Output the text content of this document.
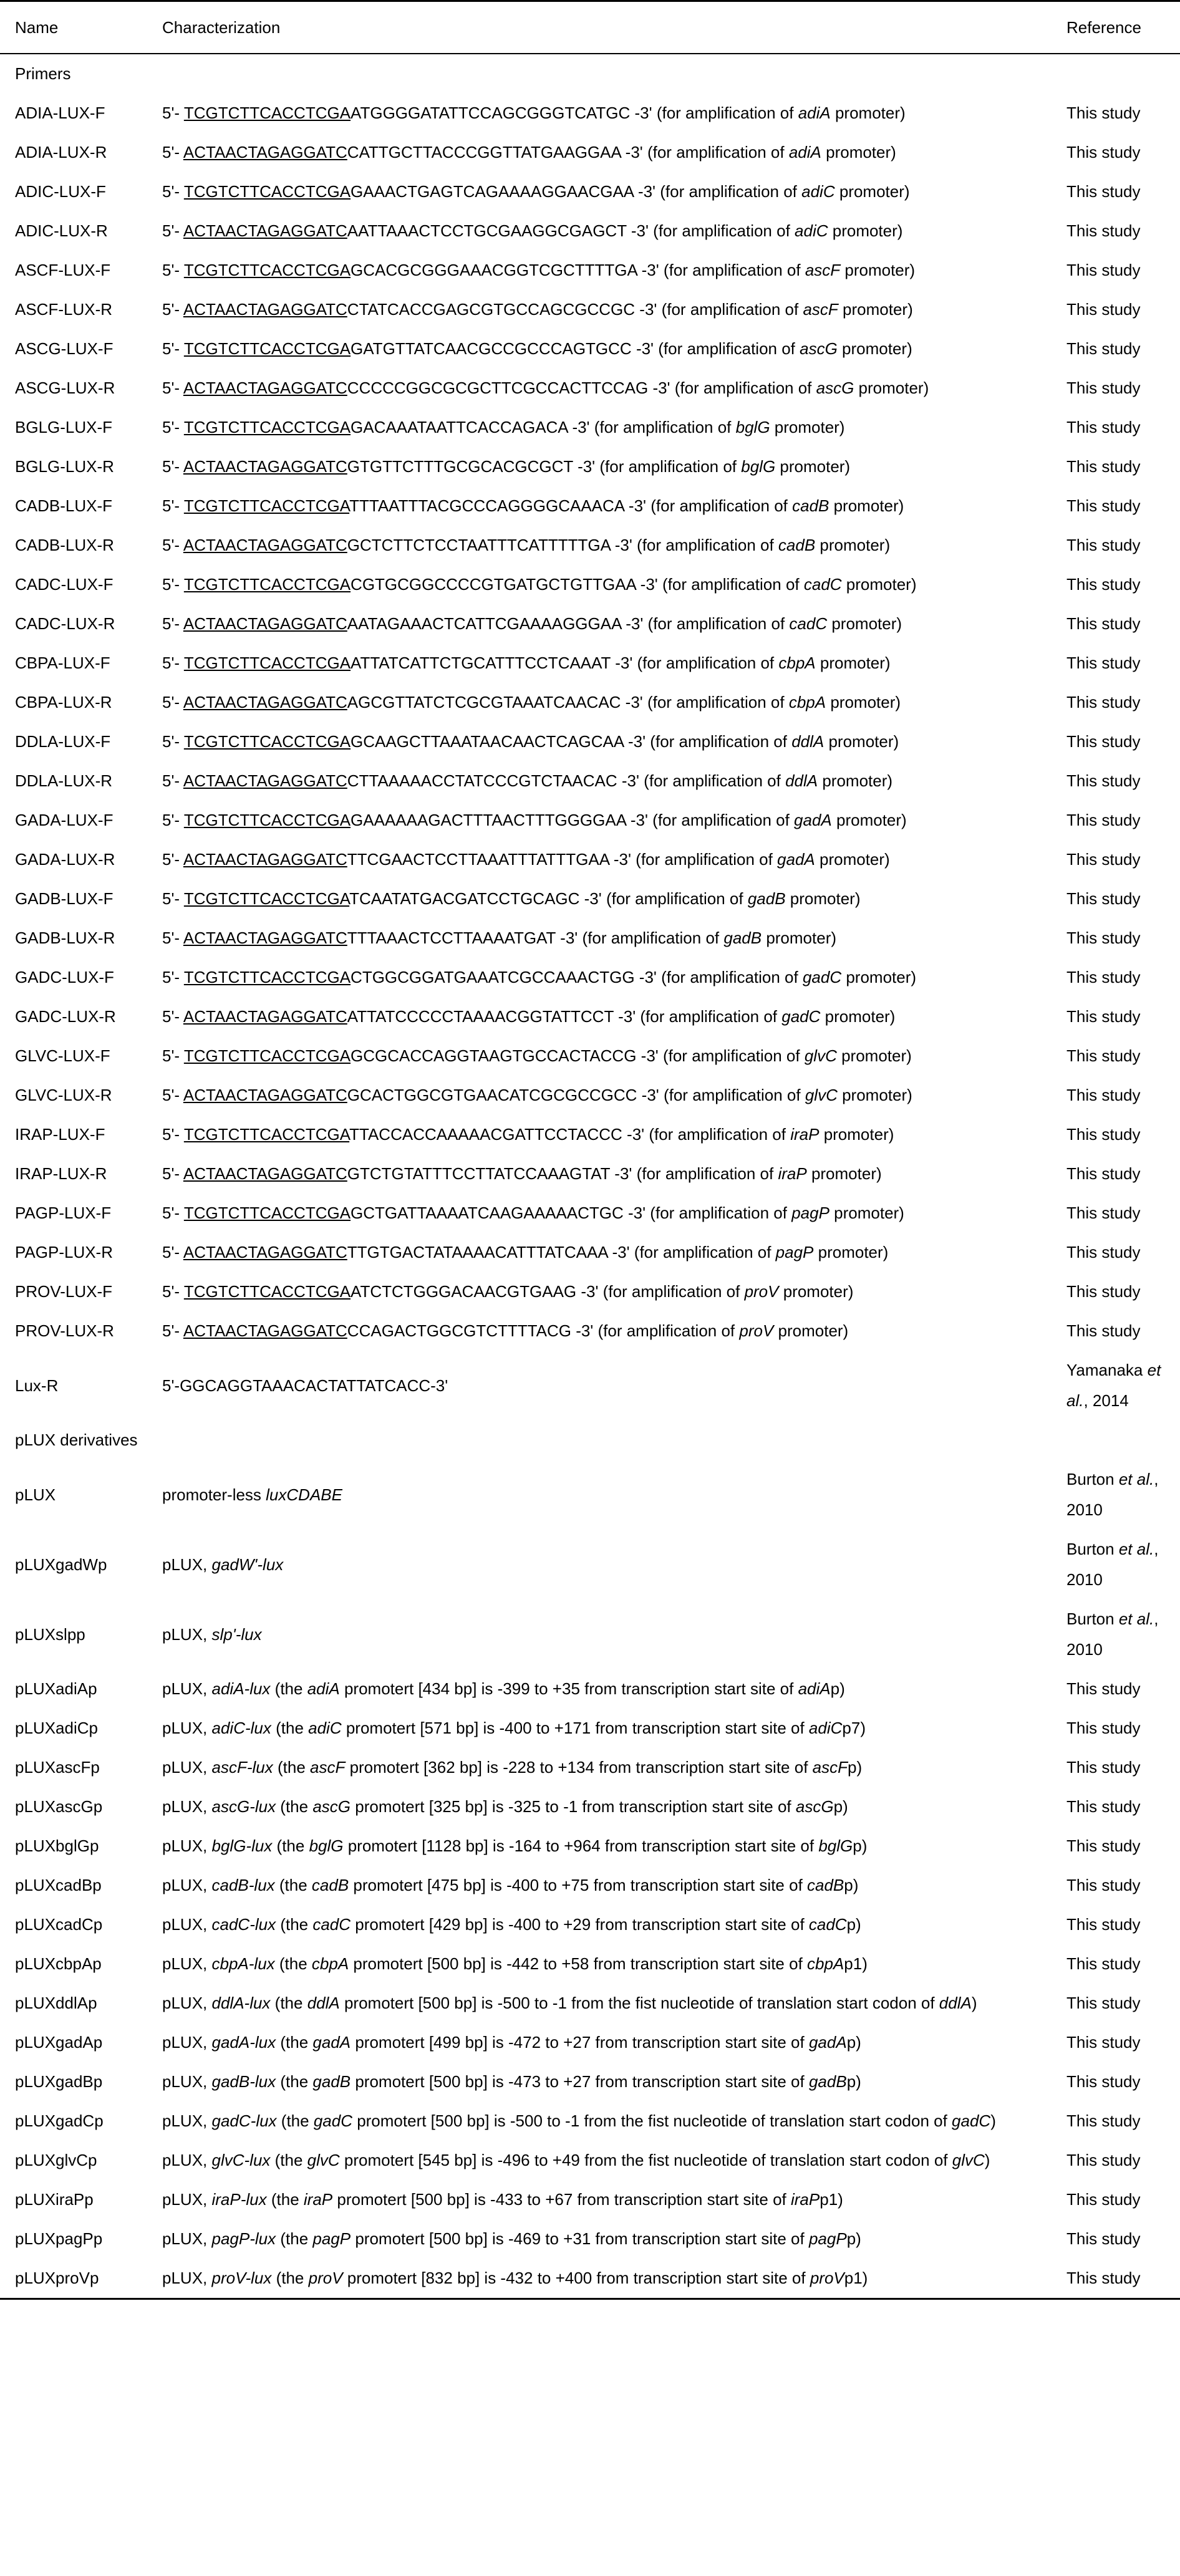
Name	Characterization	Reference
Primers		
ADIA-LUX-F	5'- TCGTCTTCACCTCGAATGGGGATATTCCAGCGGGTCATGC -3' (for amplification of adiA promoter)	This study
ADIA-LUX-R	5'- ACTAACTAGAGGATCCATTGCTTACCCGGTTATGAAGGAA -3' (for amplification of adiA promoter)	This study
ADIC-LUX-F	5'- TCGTCTTCACCTCGAGAAACTGAGTCAGAAAAGGAACGAA -3' (for amplification of adiC promoter)	This study
ADIC-LUX-R	5'- ACTAACTAGAGGATCAATTAAACTCCTGCGAAGGCGAGCT -3' (for amplification of adiC promoter)	This study
ASCF-LUX-F	5'- TCGTCTTCACCTCGAGCACGCGGGAAACGGTCGCTTTTGA -3' (for amplification of ascF promoter)	This study
ASCF-LUX-R	5'- ACTAACTAGAGGATCCTATCACCGAGCGTGCCAGCGCCGC -3' (for amplification of ascF promoter)	This study
ASCG-LUX-F	5'- TCGTCTTCACCTCGAGATGTTATCAACGCCGCCCAGTGCC -3' (for amplification of ascG promoter)	This study
ASCG-LUX-R	5'- ACTAACTAGAGGATCCCCCCGGCGCGCTTCGCCACTTCCAG -3' (for amplification of ascG promoter)	This study
BGLG-LUX-F	5'- TCGTCTTCACCTCGAGACAAATAATTCACCAGACA -3' (for amplification of bglG promoter)	This study
BGLG-LUX-R	5'- ACTAACTAGAGGATCGTGTTCTTTGCGCACGCGCT -3' (for amplification of bglG promoter)	This study
CADB-LUX-F	5'- TCGTCTTCACCTCGATTTAATTTACGCCCAGGGGCAAACA -3' (for amplification of cadB promoter)	This study
CADB-LUX-R	5'- ACTAACTAGAGGATCGCTCTTCTCCTAATTTCATTTTTGA -3' (for amplification of cadB promoter)	This study
CADC-LUX-F	5'- TCGTCTTCACCTCGACGTGCGGCCCCGTGATGCTGTTGAA -3' (for amplification of cadC promoter)	This study
CADC-LUX-R	5'- ACTAACTAGAGGATCAATAGAAACTCATTCGAAAAGGGAA -3' (for amplification of cadC promoter)	This study
CBPA-LUX-F	5'- TCGTCTTCACCTCGAATTATCATTCTGCATTTCCTCAAAT -3' (for amplification of cbpA promoter)	This study
CBPA-LUX-R	5'- ACTAACTAGAGGATCAGCGTTATCTCGCGTAAATCAACAC -3' (for amplification of cbpA promoter)	This study
DDLA-LUX-F	5'- TCGTCTTCACCTCGAGCAAGCTTAAATAACAACTCAGCAA -3' (for amplification of ddlA promoter)	This study
DDLA-LUX-R	5'- ACTAACTAGAGGATCCTTAAAAACCTATCCCGTCTAACAC -3' (for amplification of ddlA promoter)	This study
GADA-LUX-F	5'- TCGTCTTCACCTCGAGAAAAAAGACTTTAACTTTGGGGAA -3' (for amplification of gadA promoter)	This study
GADA-LUX-R	5'- ACTAACTAGAGGATCTTCGAACTCCTTAAATTTATTTGAA -3' (for amplification of gadA promoter)	This study
GADB-LUX-F	5'- TCGTCTTCACCTCGATCAATATGACGATCCTGCAGC -3' (for amplification of gadB promoter)	This study
GADB-LUX-R	5'- ACTAACTAGAGGATCTTTAAACTCCTTAAAATGAT -3' (for amplification of gadB promoter)	This study
GADC-LUX-F	5'- TCGTCTTCACCTCGACTGGCGGATGAAATCGCCAAACTGG -3' (for amplification of gadC promoter)	This study
GADC-LUX-R	5'- ACTAACTAGAGGATCATTATCCCCCTAAAACGGTATTCCT -3' (for amplification of gadC promoter)	This study
GLVC-LUX-F	5'- TCGTCTTCACCTCGAGCGCACCAGGTAAGTGCCACTACCG -3' (for amplification of glvC promoter)	This study
GLVC-LUX-R	5'- ACTAACTAGAGGATCGCACTGGCGTGAACATCGCGCCGCC -3' (for amplification of glvC promoter)	This study
IRAP-LUX-F	5'- TCGTCTTCACCTCGATTACCACCAAAAACGATTCCTACCC -3' (for amplification of iraP promoter)	This study
IRAP-LUX-R	5'- ACTAACTAGAGGATCGTCTGTATTTCCTTATCCAAAGTAT -3' (for amplification of iraP promoter)	This study
PAGP-LUX-F	5'- TCGTCTTCACCTCGAGCTGATTAAAATCAAGAAAAACTGC -3' (for amplification of pagP promoter)	This study
PAGP-LUX-R	5'- ACTAACTAGAGGATCTTGTGACTATAAAACATTTATCAAA -3' (for amplification of pagP promoter)	This study
PROV-LUX-F	5'- TCGTCTTCACCTCGAATCTCTGGGACAACGTGAAG -3' (for amplification of proV promoter)	This study
PROV-LUX-R	5'- ACTAACTAGAGGATCCCAGACTGGCGTCTTTTACG -3' (for amplification of proV promoter)	This study
Lux-R	5'-GGCAGGTAAACACTATTATCACC-3'	Yamanaka et al., 2014
pLUX derivatives		
pLUX	promoter-less luxCDABE	Burton et al., 2010
pLUXgadWp	pLUX, gadW'-lux	Burton et al., 2010
pLUXslpp	pLUX, slp'-lux	Burton et al., 2010
pLUXadiAp	pLUX, adiA-lux (the adiA promotert [434 bp] is -399 to +35 from transcription start site of adiAp)	This study
pLUXadiCp	pLUX, adiC-lux (the adiC promotert [571 bp] is -400 to +171 from transcription start site of adiCp7)	This study
pLUXascFp	pLUX, ascF-lux (the ascF promotert [362 bp] is -228 to +134 from transcription start site of ascFp)	This study
pLUXascGp	pLUX, ascG-lux (the ascG promotert [325 bp] is -325 to -1 from transcription start site of ascGp)	This study
pLUXbglGp	pLUX, bglG-lux (the bglG promotert [1128 bp] is -164 to +964 from transcription start site of bglGp)	This study
pLUXcadBp	pLUX, cadB-lux (the cadB promotert [475 bp] is -400 to +75 from transcription start site of cadBp)	This study
pLUXcadCp	pLUX, cadC-lux (the cadC promotert [429 bp] is -400 to +29 from transcription start site of cadCp)	This study
pLUXcbpAp	pLUX, cbpA-lux (the cbpA promotert [500 bp] is -442 to +58 from transcription start site of cbpAp1)	This study
pLUXddlAp	pLUX, ddlA-lux (the ddlA promotert [500 bp] is -500 to -1 from the fist nucleotide of translation start codon of ddlA)	This study
pLUXgadAp	pLUX, gadA-lux (the gadA promotert [499 bp] is -472 to +27 from transcription start site of gadAp)	This study
pLUXgadBp	pLUX, gadB-lux (the gadB promotert [500 bp] is -473 to +27 from transcription start site of gadBp)	This study
pLUXgadCp	pLUX, gadC-lux (the gadC promotert [500 bp] is -500 to -1 from the fist nucleotide of translation start codon of gadC)	This study
pLUXglvCp	pLUX, glvC-lux (the glvC promotert [545 bp] is -496 to +49 from the fist nucleotide of translation start codon of glvC)	This study
pLUXiraPp	pLUX, iraP-lux (the iraP promotert [500 bp] is -433 to +67 from transcription start site of iraPp1)	This study
pLUXpagPp	pLUX, pagP-lux (the pagP promotert [500 bp] is -469 to +31 from transcription start site of pagPp)	This study
pLUXproVp	pLUX, proV-lux (the proV promotert [832 bp] is -432 to +400 from transcription start site of proVp1)	This study
